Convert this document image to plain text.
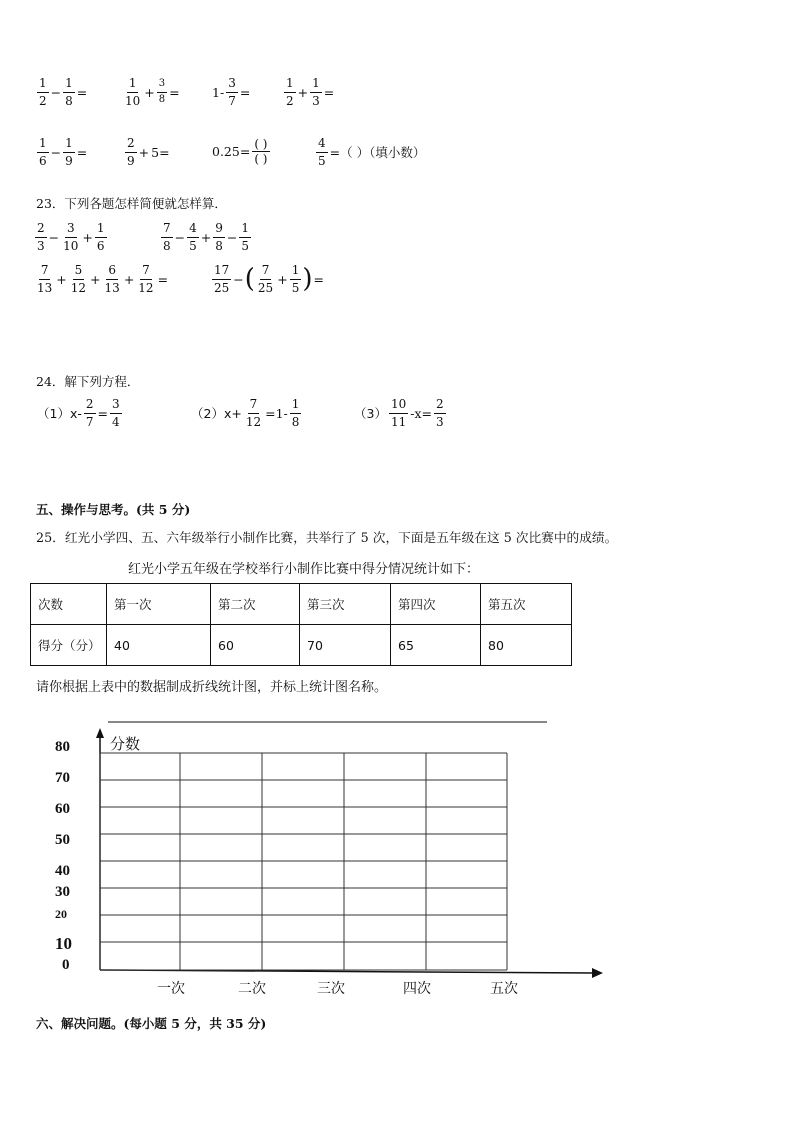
$\frac{1}{2} - \frac{1}{8}$ =	$\frac{1}{10} + \frac{3}{8}$ =	$1- \frac{3}{7}$ =	$\frac{1}{2} + \frac{1}{3}$ =
$\frac{1}{6} - \frac{1}{9}$ =	$\frac{2}{9} + 5=$	0.25=
( )
( )	$\frac{4}{5}$ =（ ）（填小数）
23．下列各题怎样简便就怎样算．
$\frac{2}{3} - \frac{3}{10} + \frac{1}{6}$	$\frac{7}{8} - \frac{4}{5} + \frac{9}{8} - \frac{1}{5}$
$\frac{7}{13} + \frac{5}{12} + \frac{6}{13} + \frac{7}{12}$ =	$\frac{17}{25}$ − ( $\frac{7}{25} + \frac{1}{5}$ ) =
24．解下列方程．
$(1)x- \frac{2}{7} = \frac{3}{4}$	$(2)x+ \frac{7}{12} =1- \frac{1}{8}$	$(3) \frac{10}{11} -x= \frac{2}{3}$
五、操作与思考。(共 5 分)
25．红光小学四、五、六年级举行小制作比赛，共举行了 5 次，下面是五年级在这 5 次比赛中的成绩。
红光小学五年级在学校举行小制作比赛中得分情况统计如下：
次数	第一次	第二次	第三次	第四次	第五次
得分（分）	40	60	70	65	80
请你根据上表中的数据制成折线统计图，并标上统计图名称。
分数
80
70
60
50
40
30
20
10
0
一次	二次	三次	四次	五次
六、解决问题。(每小题 5 分，共 35 分)
